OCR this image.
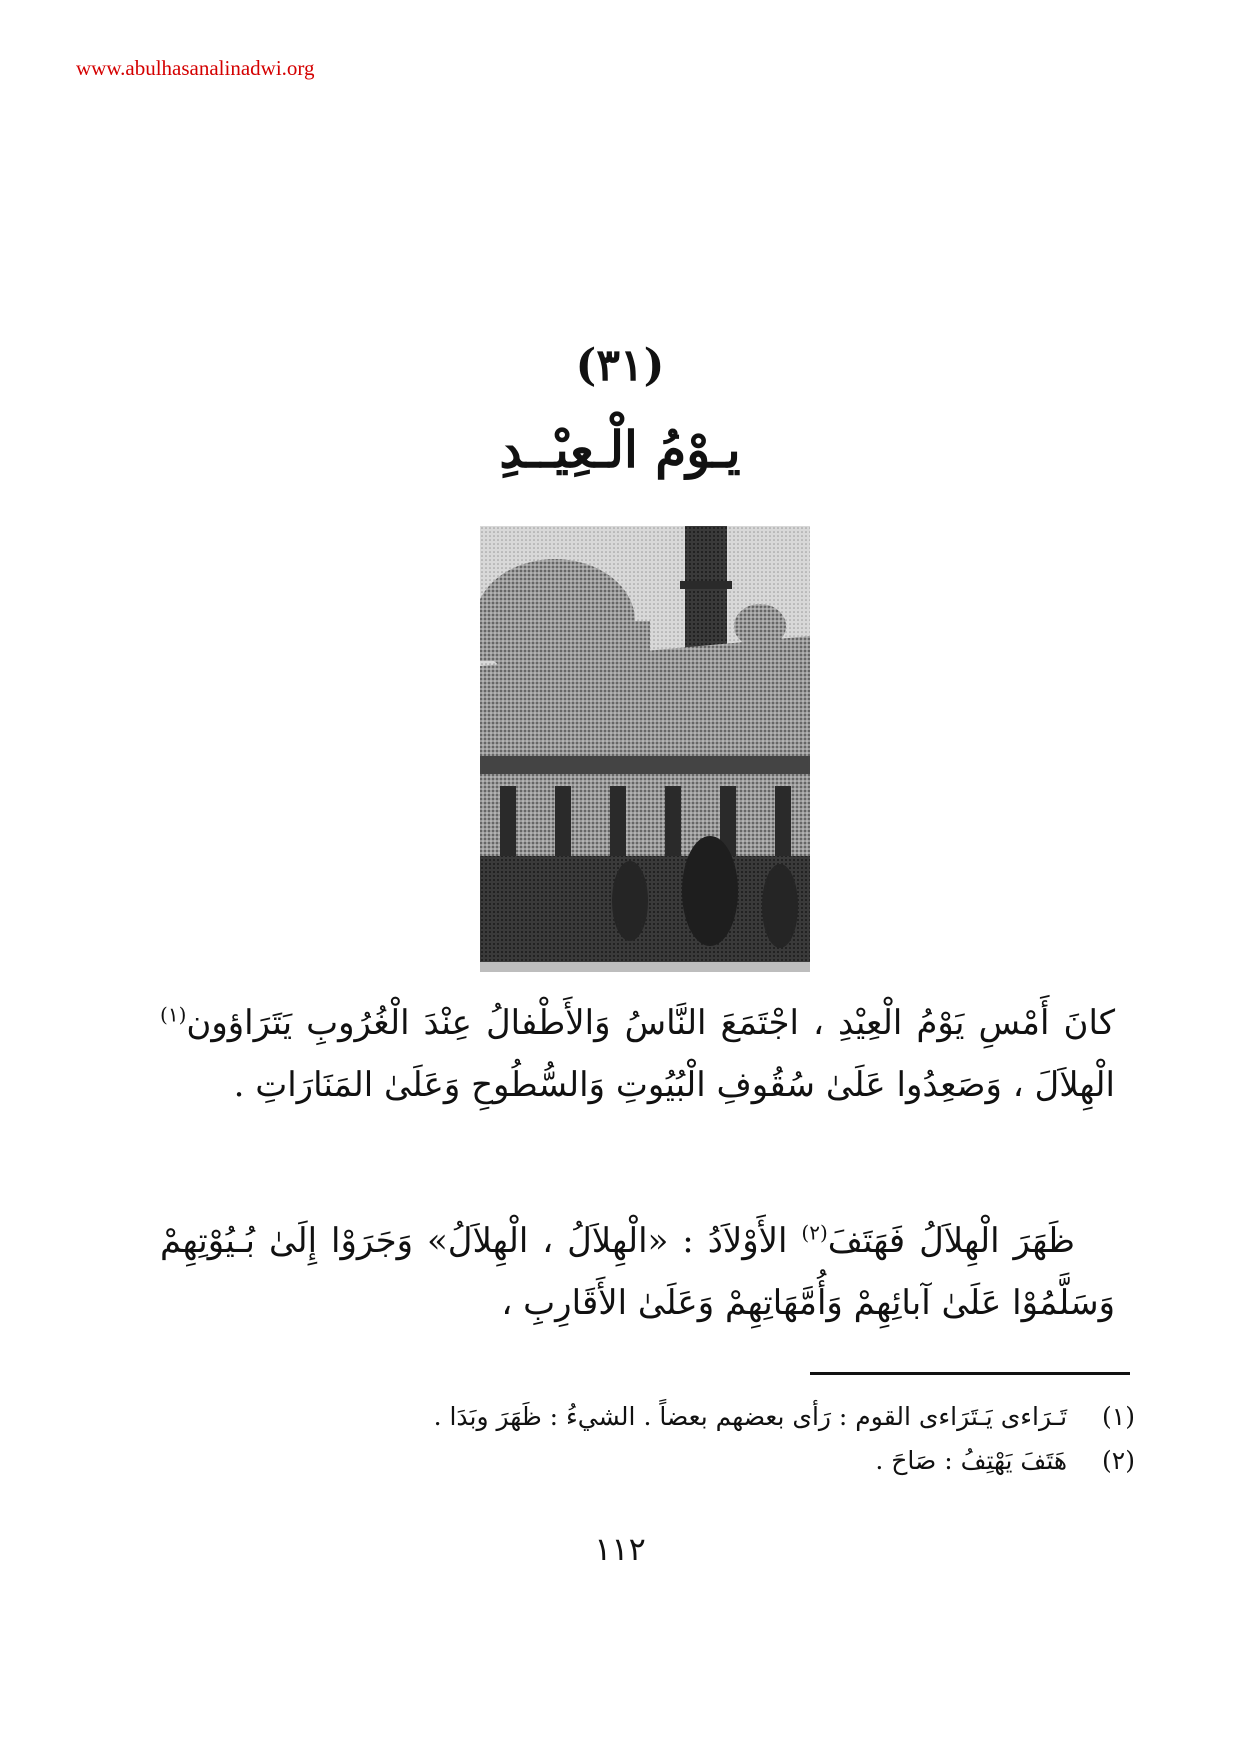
www.abulhasanalinadwi.org
(٣١)
يـوْمُ الْـعِيْــدِ

كانَ أَمْسِ يَوْمُ الْعِيْدِ ، اجْتَمَعَ النَّاسُ وَالأَطْفالُ عِنْدَ الْغُرُوبِ يَتَرَاؤون$^{(١)}$ الْهِلاَلَ ، وَصَعِدُوا عَلَىٰ سُقُوفِ الْبُيُوتِ وَالسُّطُوحِ وَعَلَىٰ المَنَارَاتِ .

ظَهَرَ الْهِلاَلُ فَهَتَفَ$^{(٢)}$ الأَوْلاَدُ : «الْهِلاَلُ ، الْهِلاَلُ» وَجَرَوْا إِلَىٰ بُـيُوْتِهِمْ وَسَلَّمُوْا عَلَىٰ آبائِهِمْ وَأُمَّهَاتِهِمْ وَعَلَىٰ الأَقَارِبِ ،

(١) تَـرَاءى يَـتَرَاءى القوم : رَأى بعضهم بعضاً . الشيءُ : ظَهَرَ وبَدَا .
(٢) هَتَفَ يَهْتِفُ : صَاحَ .
١١٢
